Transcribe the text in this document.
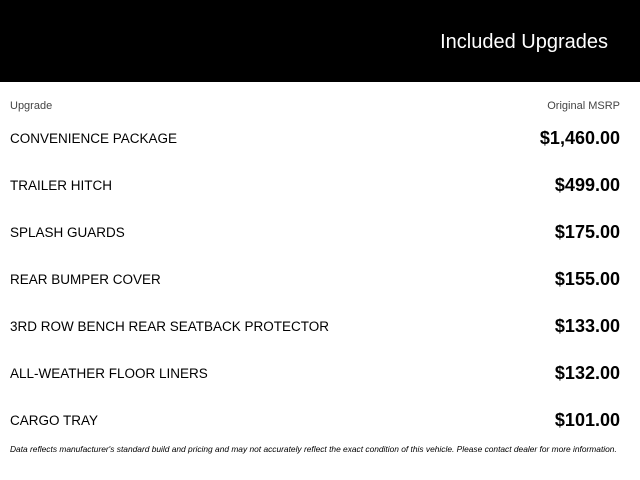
Included Upgrades
Upgrade	Original MSRP
CONVENIENCE PACKAGE	$1,460.00
TRAILER HITCH	$499.00
SPLASH GUARDS	$175.00
REAR BUMPER COVER	$155.00
3RD ROW BENCH REAR SEATBACK PROTECTOR	$133.00
ALL-WEATHER FLOOR LINERS	$132.00
CARGO TRAY	$101.00
Data reflects manufacturer's standard build and pricing and may not accurately reflect the exact condition of this vehicle. Please contact dealer for more information.
